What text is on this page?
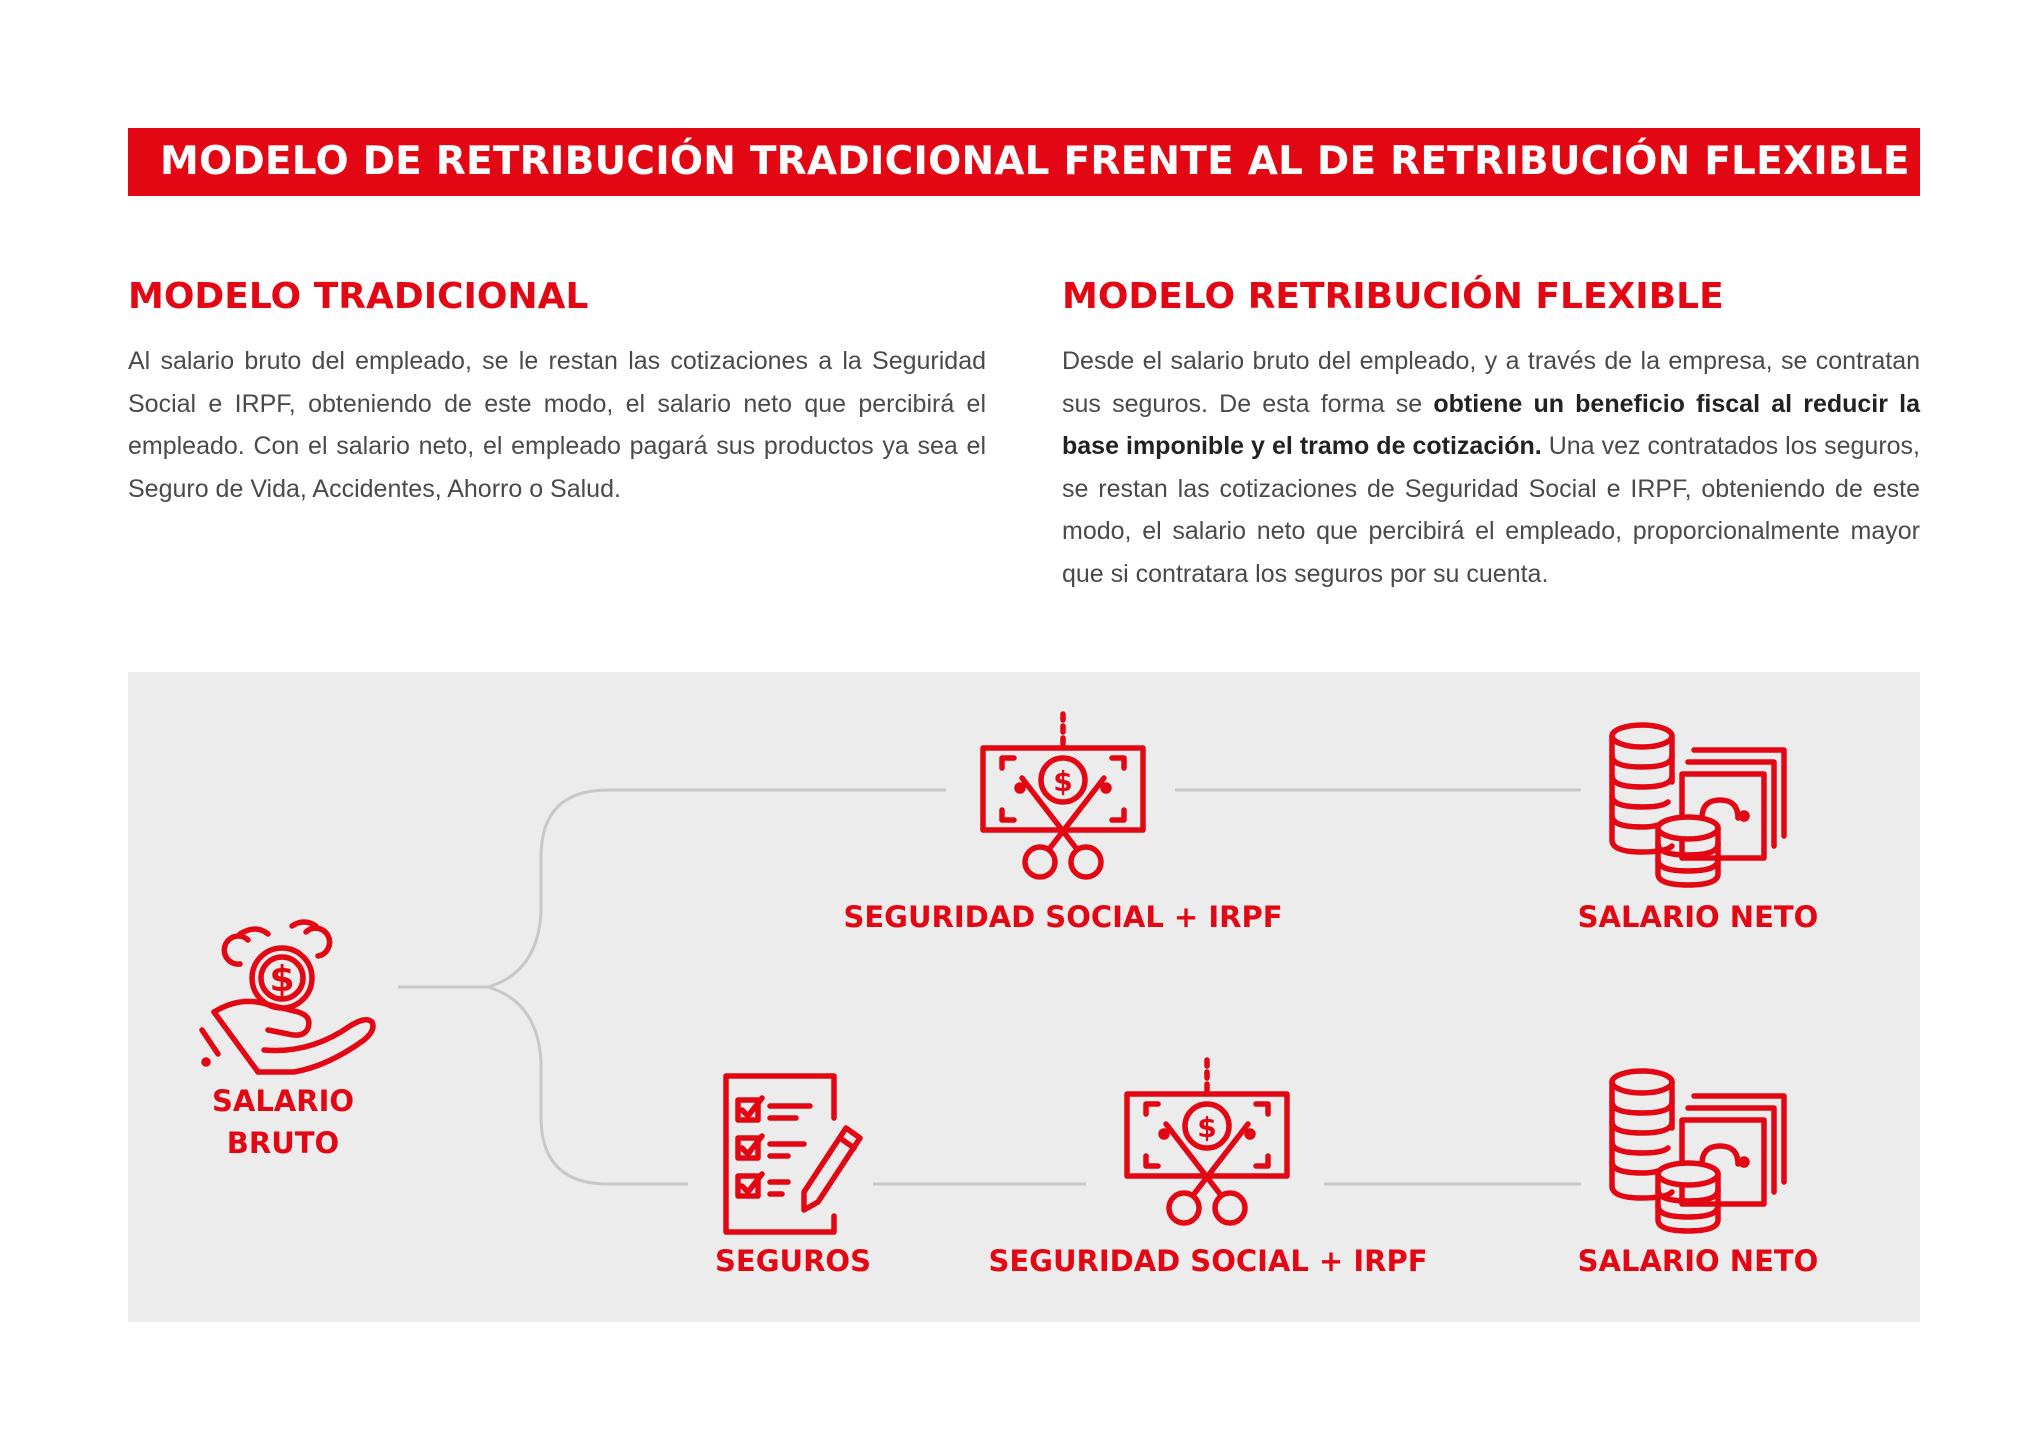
MODELO DE RETRIBUCIÓN TRADICIONAL FRENTE AL DE RETRIBUCIÓN FLEXIBLE
MODELO TRADICIONAL

Al salario bruto del empleado, se le restan las cotizaciones a la Seguridad Social e IRPF, obteniendo de este modo, el salario neto que percibirá el empleado. Con el salario neto, el empleado pagará sus productos ya sea el Seguro de Vida, Accidentes, Ahorro o Salud.

MODELO RETRIBUCIÓN FLEXIBLE

Desde el salario bruto del empleado, y a través de la empresa, se contratan sus seguros. De esta forma se obtiene un beneficio fiscal al reducir la base imponible y el tramo de cotización. Una vez contratados los seguros, se restan las cotizaciones de Seguridad Social e IRPF, obteniendo de este modo, el salario neto que percibirá el empleado, proporcionalmente mayor que si contratara los seguros por su cuenta.

$
SALARIO
BRUTO
$
SEGURIDAD SOCIAL + IRPF	SALARIO NETO
SEGUROS
$
SEGURIDAD SOCIAL + IRPF	SALARIO NETO
